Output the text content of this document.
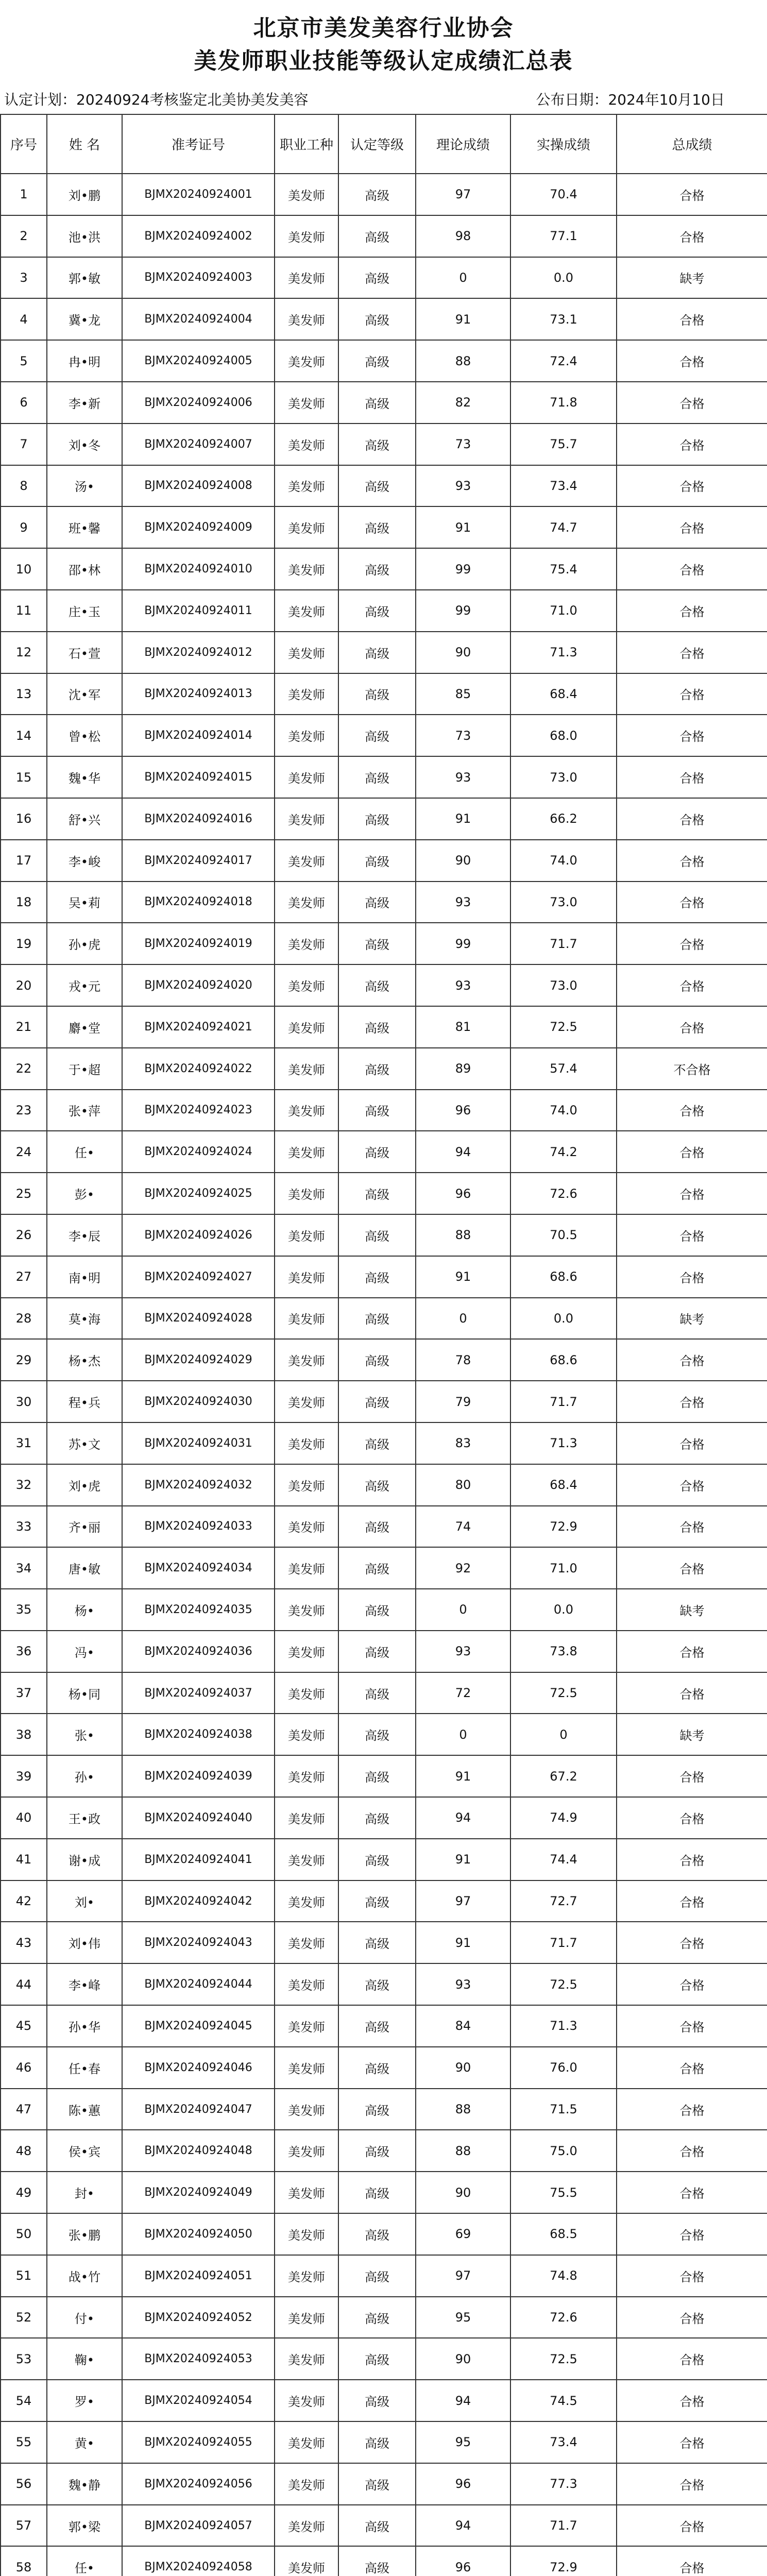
北京市美发美容行业协会
美发师职业技能等级认定成绩汇总表
认定计划：20240924考核鉴定北美协美发美容	公布日期：2024年10月10日
序号	姓 名	准考证号	职业工种	认定等级	理论成绩	实操成绩	总成绩
1	刘•鹏	BJMX20240924001	美发师	高级	97	70.4	合格
2	池•洪	BJMX20240924002	美发师	高级	98	77.1	合格
3	郭•敏	BJMX20240924003	美发师	高级	0	0.0	缺考
4	冀•龙	BJMX20240924004	美发师	高级	91	73.1	合格
5	冉•明	BJMX20240924005	美发师	高级	88	72.4	合格
6	李•新	BJMX20240924006	美发师	高级	82	71.8	合格
7	刘•冬	BJMX20240924007	美发师	高级	73	75.7	合格
8	汤•	BJMX20240924008	美发师	高级	93	73.4	合格
9	班•馨	BJMX20240924009	美发师	高级	91	74.7	合格
10	邵•林	BJMX20240924010	美发师	高级	99	75.4	合格
11	庄•玉	BJMX20240924011	美发师	高级	99	71.0	合格
12	石•萱	BJMX20240924012	美发师	高级	90	71.3	合格
13	沈•军	BJMX20240924013	美发师	高级	85	68.4	合格
14	曾•松	BJMX20240924014	美发师	高级	73	68.0	合格
15	魏•华	BJMX20240924015	美发师	高级	93	73.0	合格
16	舒•兴	BJMX20240924016	美发师	高级	91	66.2	合格
17	李•峻	BJMX20240924017	美发师	高级	90	74.0	合格
18	吴•莉	BJMX20240924018	美发师	高级	93	73.0	合格
19	孙•虎	BJMX20240924019	美发师	高级	99	71.7	合格
20	戎•元	BJMX20240924020	美发师	高级	93	73.0	合格
21	麝•堂	BJMX20240924021	美发师	高级	81	72.5	合格
22	于•超	BJMX20240924022	美发师	高级	89	57.4	不合格
23	张•萍	BJMX20240924023	美发师	高级	96	74.0	合格
24	任•	BJMX20240924024	美发师	高级	94	74.2	合格
25	彭•	BJMX20240924025	美发师	高级	96	72.6	合格
26	李•辰	BJMX20240924026	美发师	高级	88	70.5	合格
27	南•明	BJMX20240924027	美发师	高级	91	68.6	合格
28	莫•海	BJMX20240924028	美发师	高级	0	0.0	缺考
29	杨•杰	BJMX20240924029	美发师	高级	78	68.6	合格
30	程•兵	BJMX20240924030	美发师	高级	79	71.7	合格
31	苏•文	BJMX20240924031	美发师	高级	83	71.3	合格
32	刘•虎	BJMX20240924032	美发师	高级	80	68.4	合格
33	齐•丽	BJMX20240924033	美发师	高级	74	72.9	合格
34	唐•敏	BJMX20240924034	美发师	高级	92	71.0	合格
35	杨•	BJMX20240924035	美发师	高级	0	0.0	缺考
36	冯•	BJMX20240924036	美发师	高级	93	73.8	合格
37	杨•同	BJMX20240924037	美发师	高级	72	72.5	合格
38	张•	BJMX20240924038	美发师	高级	0	0	缺考
39	孙•	BJMX20240924039	美发师	高级	91	67.2	合格
40	王•政	BJMX20240924040	美发师	高级	94	74.9	合格
41	谢•成	BJMX20240924041	美发师	高级	91	74.4	合格
42	刘•	BJMX20240924042	美发师	高级	97	72.7	合格
43	刘•伟	BJMX20240924043	美发师	高级	91	71.7	合格
44	李•峰	BJMX20240924044	美发师	高级	93	72.5	合格
45	孙•华	BJMX20240924045	美发师	高级	84	71.3	合格
46	任•春	BJMX20240924046	美发师	高级	90	76.0	合格
47	陈•蕙	BJMX20240924047	美发师	高级	88	71.5	合格
48	侯•宾	BJMX20240924048	美发师	高级	88	75.0	合格
49	封•	BJMX20240924049	美发师	高级	90	75.5	合格
50	张•鹏	BJMX20240924050	美发师	高级	69	68.5	合格
51	战•竹	BJMX20240924051	美发师	高级	97	74.8	合格
52	付•	BJMX20240924052	美发师	高级	95	72.6	合格
53	鞠•	BJMX20240924053	美发师	高级	90	72.5	合格
54	罗•	BJMX20240924054	美发师	高级	94	74.5	合格
55	黄•	BJMX20240924055	美发师	高级	95	73.4	合格
56	魏•静	BJMX20240924056	美发师	高级	96	77.3	合格
57	郭•梁	BJMX20240924057	美发师	高级	94	71.7	合格
58	任•	BJMX20240924058	美发师	高级	96	72.9	合格
